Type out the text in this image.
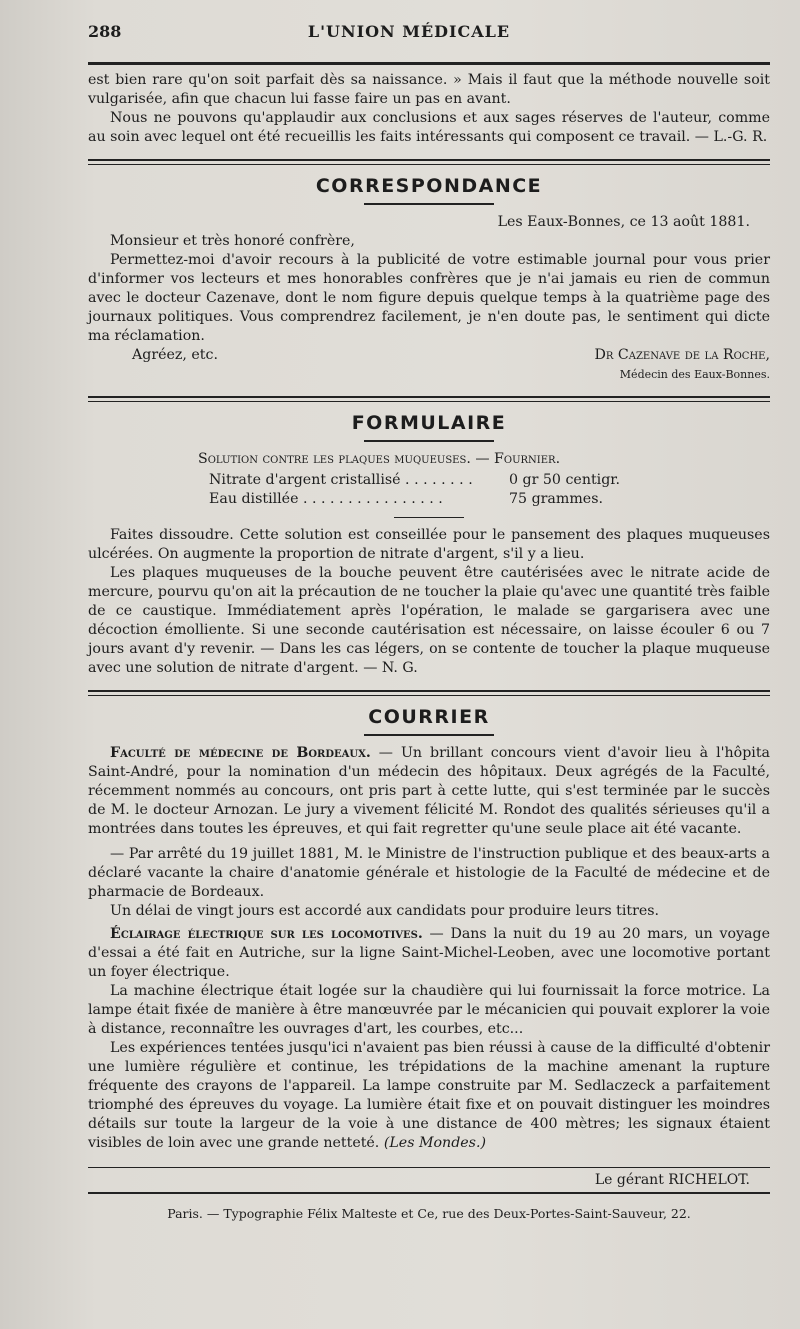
288	L'UNION MÉDICALE

est bien rare qu'on soit parfait dès sa naissance. » Mais il faut que la méthode nouvelle soit vulgarisée, afin que chacun lui fasse faire un pas en avant.

Nous ne pouvons qu'applaudir aux conclusions et aux sages réserves de l'auteur, comme au soin avec lequel ont été recueillis les faits intéressants qui composent ce travail. — L.-G. R.

CORRESPONDANCE

Les Eaux-Bonnes, ce 13 août 1881.

Monsieur et très honoré confrère,

Permettez-moi d'avoir recours à la publicité de votre estimable journal pour vous prier d'informer vos lecteurs et mes honorables confrères que je n'ai jamais eu rien de commun avec le docteur Cazenave, dont le nom figure depuis quelque temps à la quatrième page des journaux politiques. Vous comprendrez facilement, je n'en doute pas, le sentiment qui dicte ma réclamation.

Agréez, etc.	Dr Cazenave de la Roche,
Médecin des Eaux-Bonnes.
FORMULAIRE

Solution contre les plaques muqueuses. — Fournier.

Nitrate d'argent cristallisé . . . . . . . .	0 gr 50 centigr.
Eau distillée . . . . . . . . . . . . . . . .	75 grammes.

Faites dissoudre. Cette solution est conseillée pour le pansement des plaques muqueuses ulcérées. On augmente la proportion de nitrate d'argent, s'il y a lieu.

Les plaques muqueuses de la bouche peuvent être cautérisées avec le nitrate acide de mercure, pourvu qu'on ait la précaution de ne toucher la plaie qu'avec une quantité très faible de ce caustique. Immédiatement après l'opération, le malade se gargarisera avec une décoction émolliente. Si une seconde cautérisation est nécessaire, on laisse écouler 6 ou 7 jours avant d'y revenir. — Dans les cas légers, on se contente de toucher la plaque muqueuse avec une solution de nitrate d'argent. — N. G.

COURRIER

Faculté de médecine de Bordeaux. — Un brillant concours vient d'avoir lieu à l'hôpita Saint-André, pour la nomination d'un médecin des hôpitaux. Deux agrégés de la Faculté, récemment nommés au concours, ont pris part à cette lutte, qui s'est terminée par le succès de M. le docteur Arnozan. Le jury a vivement félicité M. Rondot des qualités sérieuses qu'il a montrées dans toutes les épreuves, et qui fait regretter qu'une seule place ait été vacante.

— Par arrêté du 19 juillet 1881, M. le Ministre de l'instruction publique et des beaux-arts a déclaré vacante la chaire d'anatomie générale et histologie de la Faculté de médecine et de pharmacie de Bordeaux.

Un délai de vingt jours est accordé aux candidats pour produire leurs titres.

Éclairage électrique sur les locomotives. — Dans la nuit du 19 au 20 mars, un voyage d'essai a été fait en Autriche, sur la ligne Saint-Michel-Leoben, avec une locomotive portant un foyer électrique.

La machine électrique était logée sur la chaudière qui lui fournissait la force motrice. La lampe était fixée de manière à être manœuvrée par le mécanicien qui pouvait explorer la voie à distance, reconnaître les ouvrages d'art, les courbes, etc...

Les expériences tentées jusqu'ici n'avaient pas bien réussi à cause de la difficulté d'obtenir une lumière régulière et continue, les trépidations de la machine amenant la rupture fréquente des crayons de l'appareil. La lampe construite par M. Sedlaczeck a parfaitement triomphé des épreuves du voyage. La lumière était fixe et on pouvait distinguer les moindres détails sur toute la largeur de la voie à une distance de 400 mètres; les signaux étaient visibles de loin avec une grande netteté. (Les Mondes.)

Le gérant RICHELOT.
Paris. — Typographie Félix Malteste et Ce, rue des Deux-Portes-Saint-Sauveur, 22.
